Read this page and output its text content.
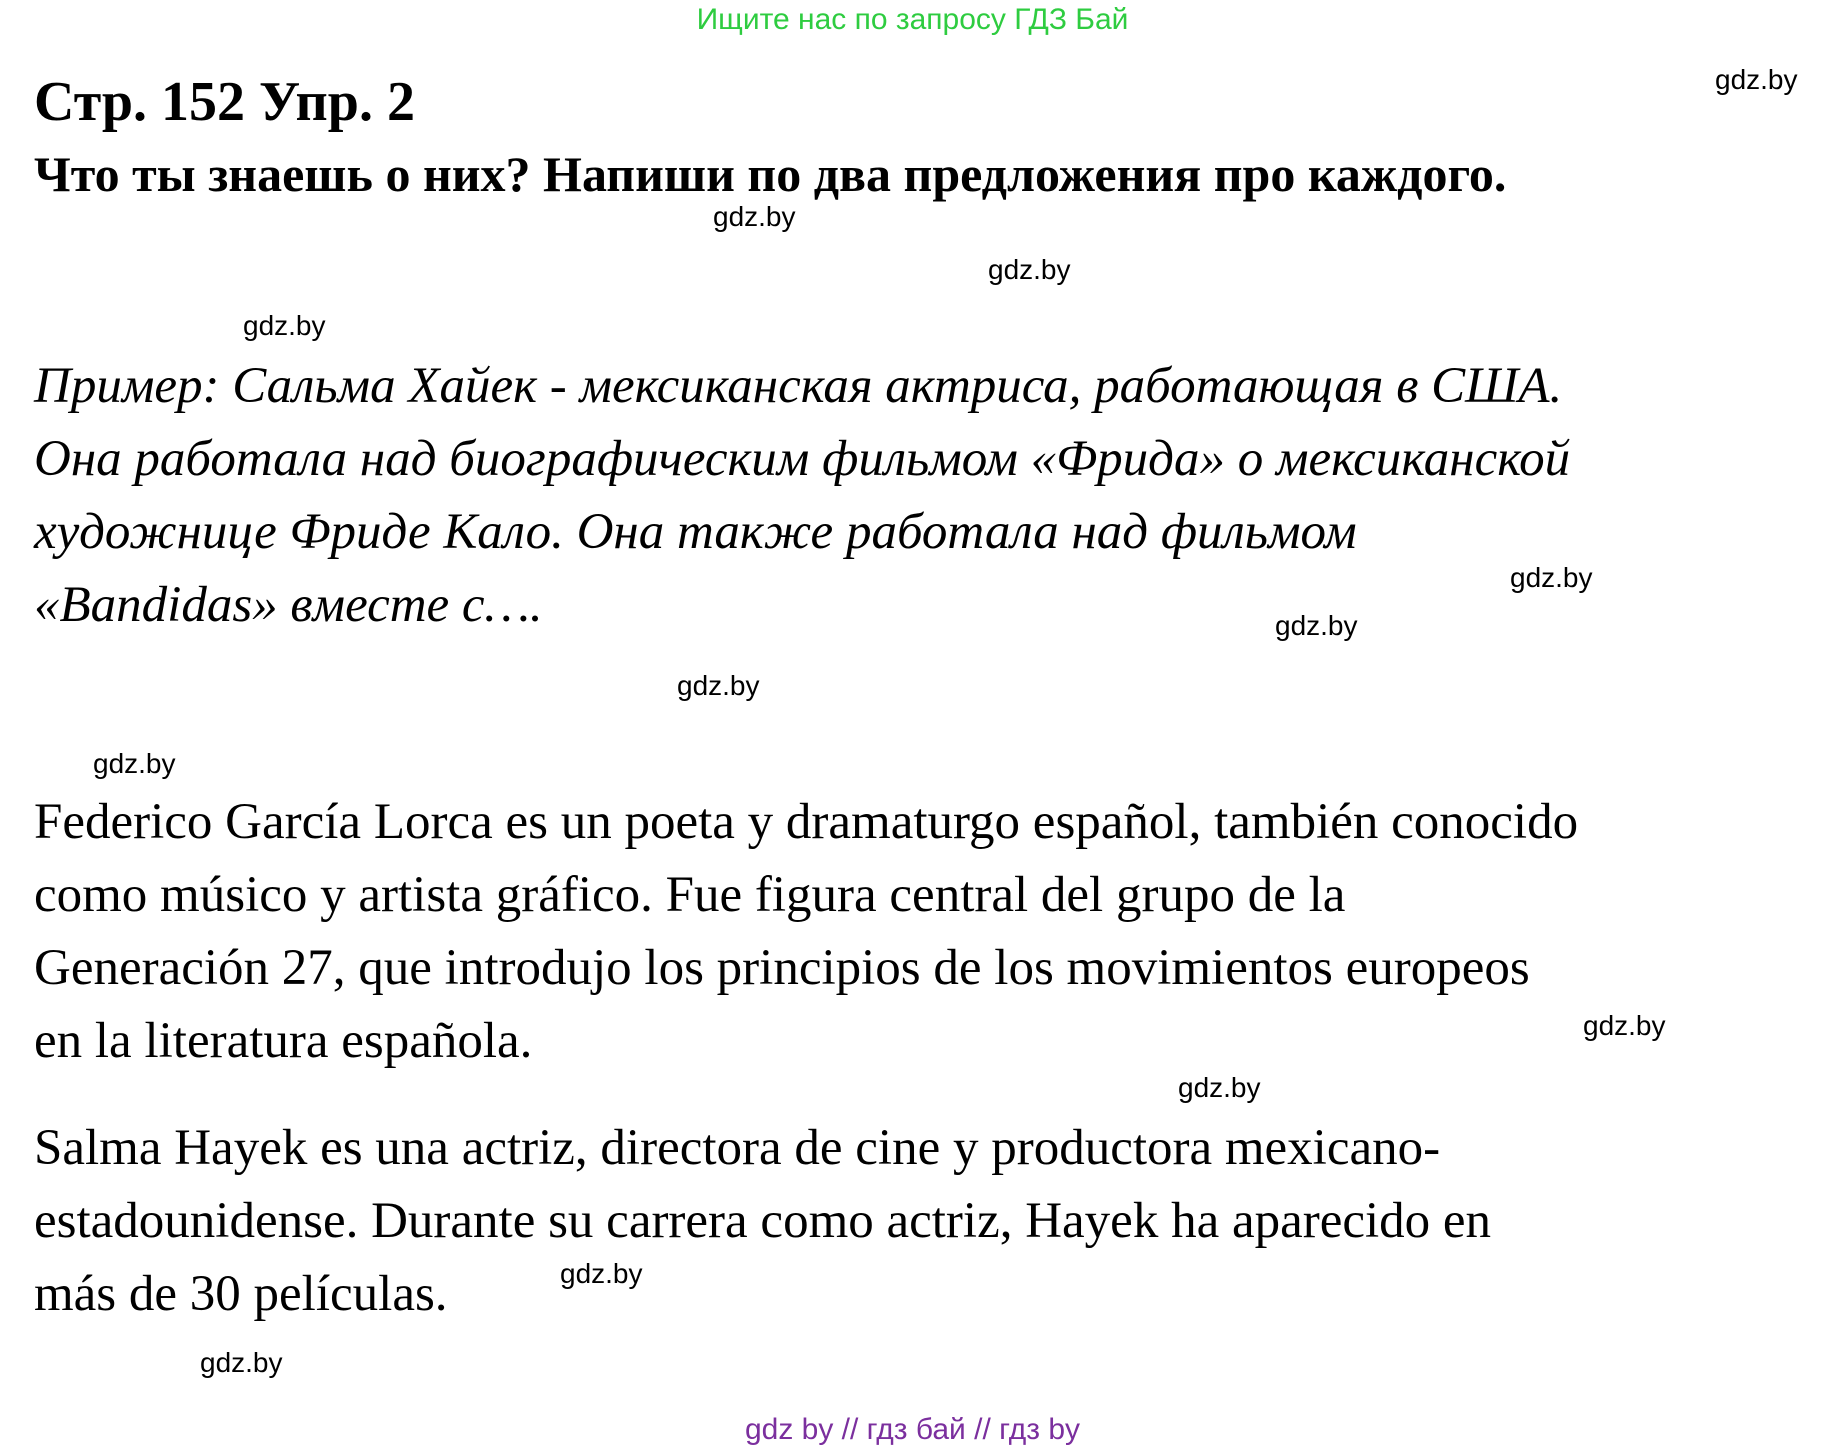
Ищите нас по запросу ГДЗ Бай
Стр. 152 Упр. 2
Что ты знаешь о них? Напиши по два предложения про каждого.
Пример: Сальма Хайек - мексиканская актриса, работающая в США.
Она работала над биографическим фильмом «Фрида» о мексиканской
художнице Фриде Кало. Она также работала над фильмом
«Bandidas» вместе с….
Federico García Lorca es un poeta y dramaturgo español, también conocido
como músico y artista gráfico. Fue figura central del grupo de la
Generación 27, que introdujo los principios de los movimientos europeos
en la literatura española.
Salma Hayek es una actriz, directora de cine y productora mexicano-
estadounidense. Durante su carrera como actriz, Hayek ha aparecido en
más de 30 películas.
gdz.by
gdz.by
gdz.by
gdz.by
gdz.by
gdz.by
gdz.by
gdz.by
gdz.by
gdz.by
gdz.by
gdz.by
gdz by // гдз бай // гдз by
